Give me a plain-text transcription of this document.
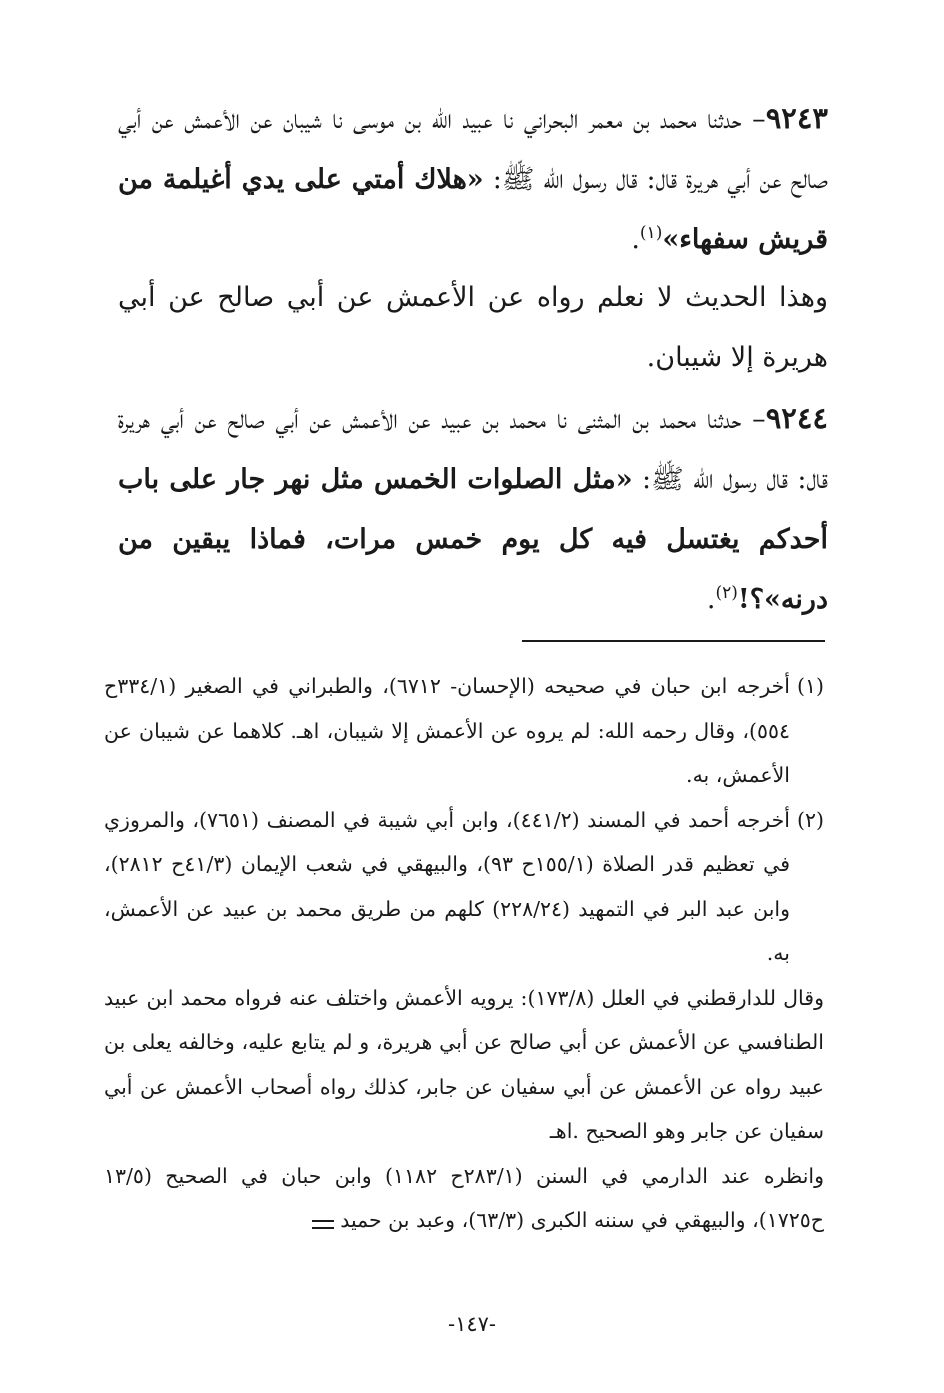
٩٢٤٣– حدثنا محمد بن معمر البحراني نا عبيد الله بن موسى نا شيبان عن الأعمش عن أبي صالح عن أبي هريرة قال: قال رسول الله ﷺ: «هلاك أمتي على يدي أغيلمة من قريش سفهاء»$^{(١)}$.
وهذا الحديث لا نعلم رواه عن الأعمش عن أبي صالح عن أبي هريرة إلا شيبان.
٩٢٤٤– حدثنا محمد بن المثنى نا محمد بن عبيد عن الأعمش عن أبي صالح عن أبي هريرة قال: قال رسول الله ﷺ: «مثل الصلوات الخمس مثل نهر جار على باب أحدكم يغتسل فيه كل يوم خمس مرات، فماذا يبقين من درنه»؟!$^{(٢)}$.

(١)
أخرجه ابن حبان في صحيحه (الإحسان- ٦٧١٢)، والطبراني في الصغير (٣٣٤/١ح ٥٥٤)، وقال رحمه الله: لم يروه عن الأعمش إلا شيبان، اهـ. كلاهما عن شيبان عن الأعمش، به.

(٢)
أخرجه أحمد في المسند (٤٤١/٢)، وابن أبي شيبة في المصنف (٧٦٥١)، والمروزي في تعظيم قدر الصلاة (١٥٥/١ح ٩٣)، والبيهقي في شعب الإيمان (٤١/٣ح ٢٨١٢)، وابن عبد البر في التمهيد (٢٢٨/٢٤) كلهم من طريق محمد بن عبيد عن الأعمش، به.

وقال للدارقطني في العلل (١٧٣/٨): يرويه الأعمش واختلف عنه فرواه محمد ابن عبيد الطنافسي عن الأعمش عن أبي صالح عن أبي هريرة، و لم يتابع عليه، وخالفه يعلى بن عبيد رواه عن الأعمش عن أبي سفيان عن جابر، كذلك رواه أصحاب الأعمش عن أبي سفيان عن جابر وهو الصحيح .اهـ

وانظره عند الدارمي في السنن (٢٨٣/١ح ١١٨٢) وابن حبان في الصحيح (١٣/٥ ح١٧٢٥)، والبيهقي في سننه الكبرى (٦٣/٣)، وعبد بن حميد

-١٤٧-
